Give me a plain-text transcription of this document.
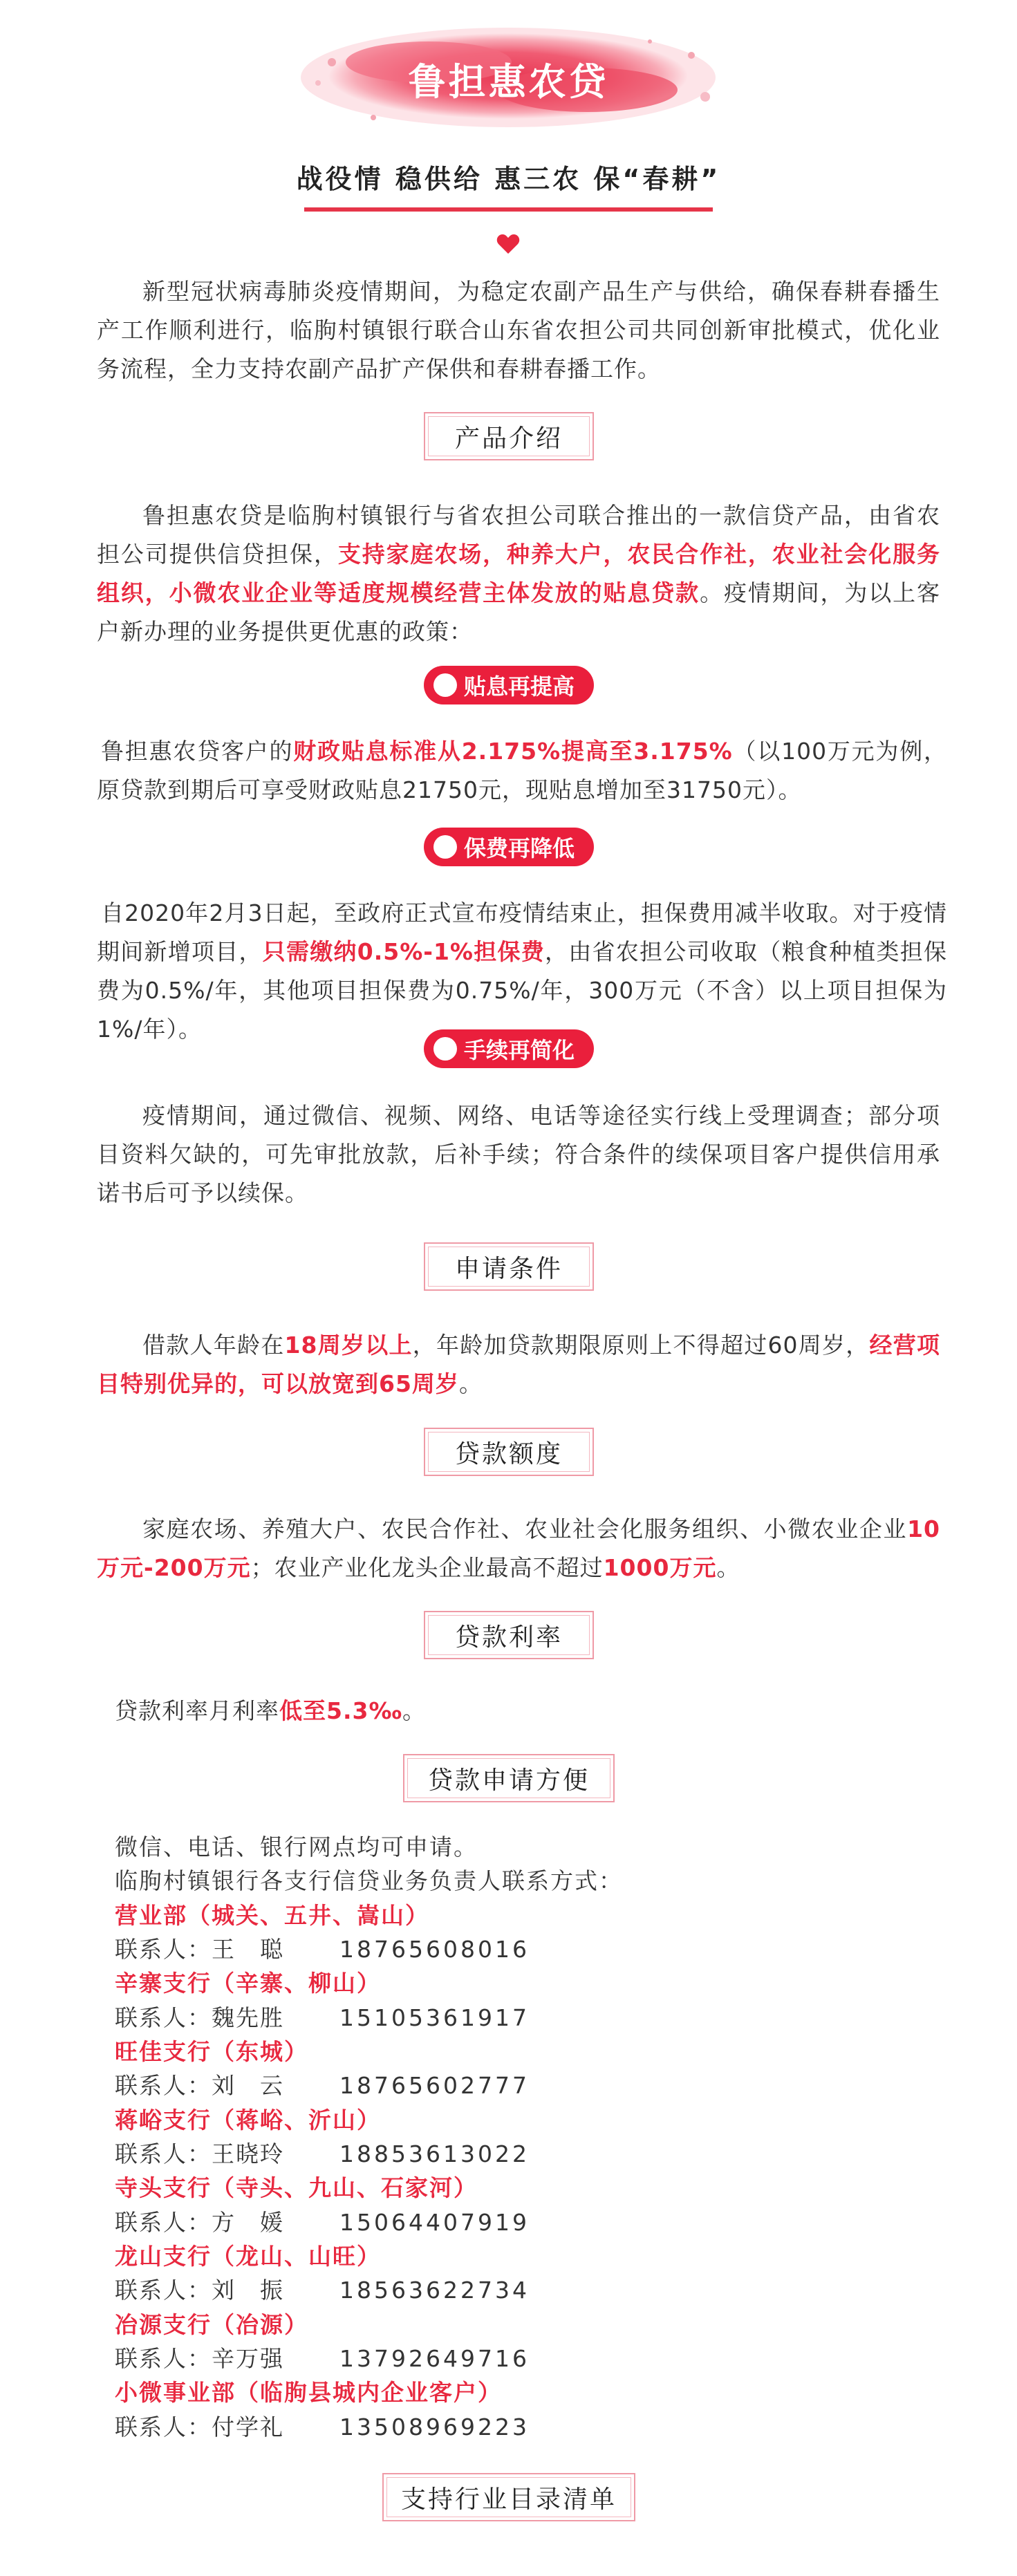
鲁担惠农贷
战役情 稳供给 惠三农 保“春耕”

新型冠状病毒肺炎疫情期间，为稳定农副产品生产与供给，确保春耕春播生产工作顺利进行，临朐村镇银行联合山东省农担公司共同创新审批模式，优化业务流程，全力支持农副产品扩产保供和春耕春播工作。

产品介绍

鲁担惠农贷是临朐村镇银行与省农担公司联合推出的一款信贷产品，由省农担公司提供信贷担保，支持家庭农场，种养大户，农民合作社，农业社会化服务组织，小微农业企业等适度规模经营主体发放的贴息贷款。疫情期间，为以上客户新办理的业务提供更优惠的政策：

贴息再提高

鲁担惠农贷客户的财政贴息标准从2.175%提高至3.175%（以100万元为例，原贷款到期后可享受财政贴息21750元，现贴息增加至31750元）。

保费再降低

自2020年2月3日起，至政府正式宣布疫情结束止，担保费用减半收取。对于疫情期间新增项目，只需缴纳0.5%-1%担保费，由省农担公司收取（粮食种植类担保费为0.5%/年，其他项目担保费为0.75%/年，300万元（不含）以上项目担保为1%/年）。

手续再简化

疫情期间，通过微信、视频、网络、电话等途径实行线上受理调查；部分项目资料欠缺的，可先审批放款，后补手续；符合条件的续保项目客户提供信用承诺书后可予以续保。

申请条件

借款人年龄在18周岁以上，年龄加贷款期限原则上不得超过60周岁，经营项目特别优异的，可以放宽到65周岁。

贷款额度

家庭农场、养殖大户、农民合作社、农业社会化服务组织、小微农业企业10万元-200万元；农业产业化龙头企业最高不超过1000万元。

贷款利率

贷款利率月利率低至5.3‰。

贷款申请方便
微信、电话、银行网点均可申请。
临朐村镇银行各支行信贷业务负责人联系方式：
营业部（城关、五井、嵩山）
联系人：王　聪 18765608016
辛寨支行（辛寨、柳山）
联系人：魏先胜 15105361917
旺佳支行（东城）
联系人：刘　云 18765602777
蒋峪支行（蒋峪、沂山）
联系人：王晓玲 18853613022
寺头支行（寺头、九山、石家河）
联系人：方　媛 15064407919
龙山支行（龙山、山旺）
联系人：刘　振 18563622734
冶源支行（冶源）
联系人：辛万强 13792649716
小微事业部（临朐县城内企业客户）
联系人：付学礼 13508969223
支持行业目录清单
